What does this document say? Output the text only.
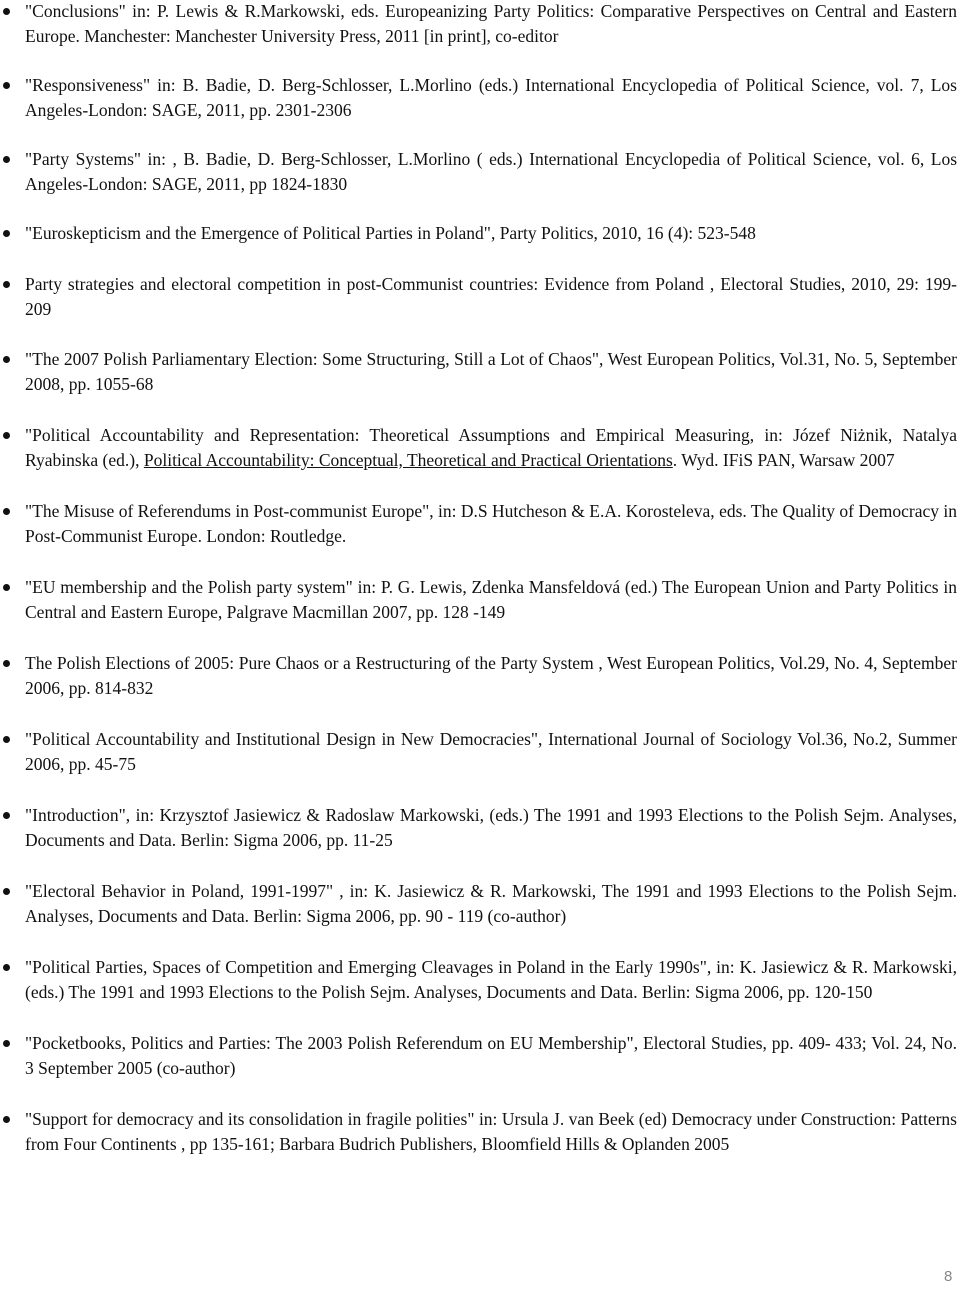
"Conclusions" in: P. Lewis & R.Markowski, eds. Europeanizing Party Politics: Comparative Perspectives on Central and Eastern Europe. Manchester: Manchester University Press, 2011 [in print], co-editor
"Responsiveness" in: B. Badie, D. Berg-Schlosser, L.Morlino (eds.) International Encyclopedia of Political Science, vol. 7, Los Angeles-London: SAGE, 2011, pp. 2301-2306
"Party Systems" in: , B. Badie, D. Berg-Schlosser, L.Morlino ( eds.) International Encyclopedia of Political Science, vol. 6, Los Angeles-London: SAGE, 2011, pp 1824-1830
"Euroskepticism and the Emergence of Political Parties in Poland", Party Politics, 2010, 16 (4): 523-548
Party strategies and electoral competition in post-Communist countries: Evidence from Poland , Electoral Studies, 2010, 29: 199-209
"The 2007 Polish Parliamentary Election: Some Structuring, Still a Lot of Chaos", West European Politics, Vol.31, No. 5, September 2008, pp. 1055-68
"Political Accountability and Representation: Theoretical Assumptions and Empirical Measuring, in: Józef Niżnik, Natalya Ryabinska (ed.), Political Accountability: Conceptual, Theoretical and Practical Orientations. Wyd. IFiS PAN, Warsaw 2007
"The Misuse of Referendums in Post-communist Europe", in: D.S Hutcheson & E.A. Korosteleva, eds. The Quality of Democracy in Post-Communist Europe. London: Routledge.
"EU membership and the Polish party system" in: P. G. Lewis, Zdenka Mansfeldová (ed.) The European Union and Party Politics in Central and Eastern Europe, Palgrave Macmillan 2007, pp. 128 -149
The Polish Elections of 2005: Pure Chaos or a Restructuring of the Party System , West European Politics, Vol.29, No. 4, September 2006, pp. 814-832
"Political Accountability and Institutional Design in New Democracies", International Journal of Sociology Vol.36, No.2, Summer 2006, pp. 45-75
"Introduction", in: Krzysztof Jasiewicz & Radoslaw Markowski, (eds.) The 1991 and 1993 Elections to the Polish Sejm. Analyses, Documents and Data. Berlin: Sigma 2006, pp. 11-25
"Electoral Behavior in Poland, 1991-1997" , in: K. Jasiewicz & R. Markowski, The 1991 and 1993 Elections to the Polish Sejm. Analyses, Documents and Data. Berlin: Sigma 2006, pp. 90 - 119 (co-author)
"Political Parties, Spaces of Competition and Emerging Cleavages in Poland in the Early 1990s", in: K. Jasiewicz & R. Markowski, (eds.) The 1991 and 1993 Elections to the Polish Sejm. Analyses, Documents and Data. Berlin: Sigma 2006, pp. 120-150
"Pocketbooks, Politics and Parties: The 2003 Polish Referendum on EU Membership", Electoral Studies, pp. 409- 433; Vol. 24, No. 3 September 2005 (co-author)
"Support for democracy and its consolidation in fragile polities" in: Ursula J. van Beek (ed) Democracy under Construction: Patterns from Four Continents , pp 135-161; Barbara Budrich Publishers, Bloomfield Hills & Oplanden 2005
8
